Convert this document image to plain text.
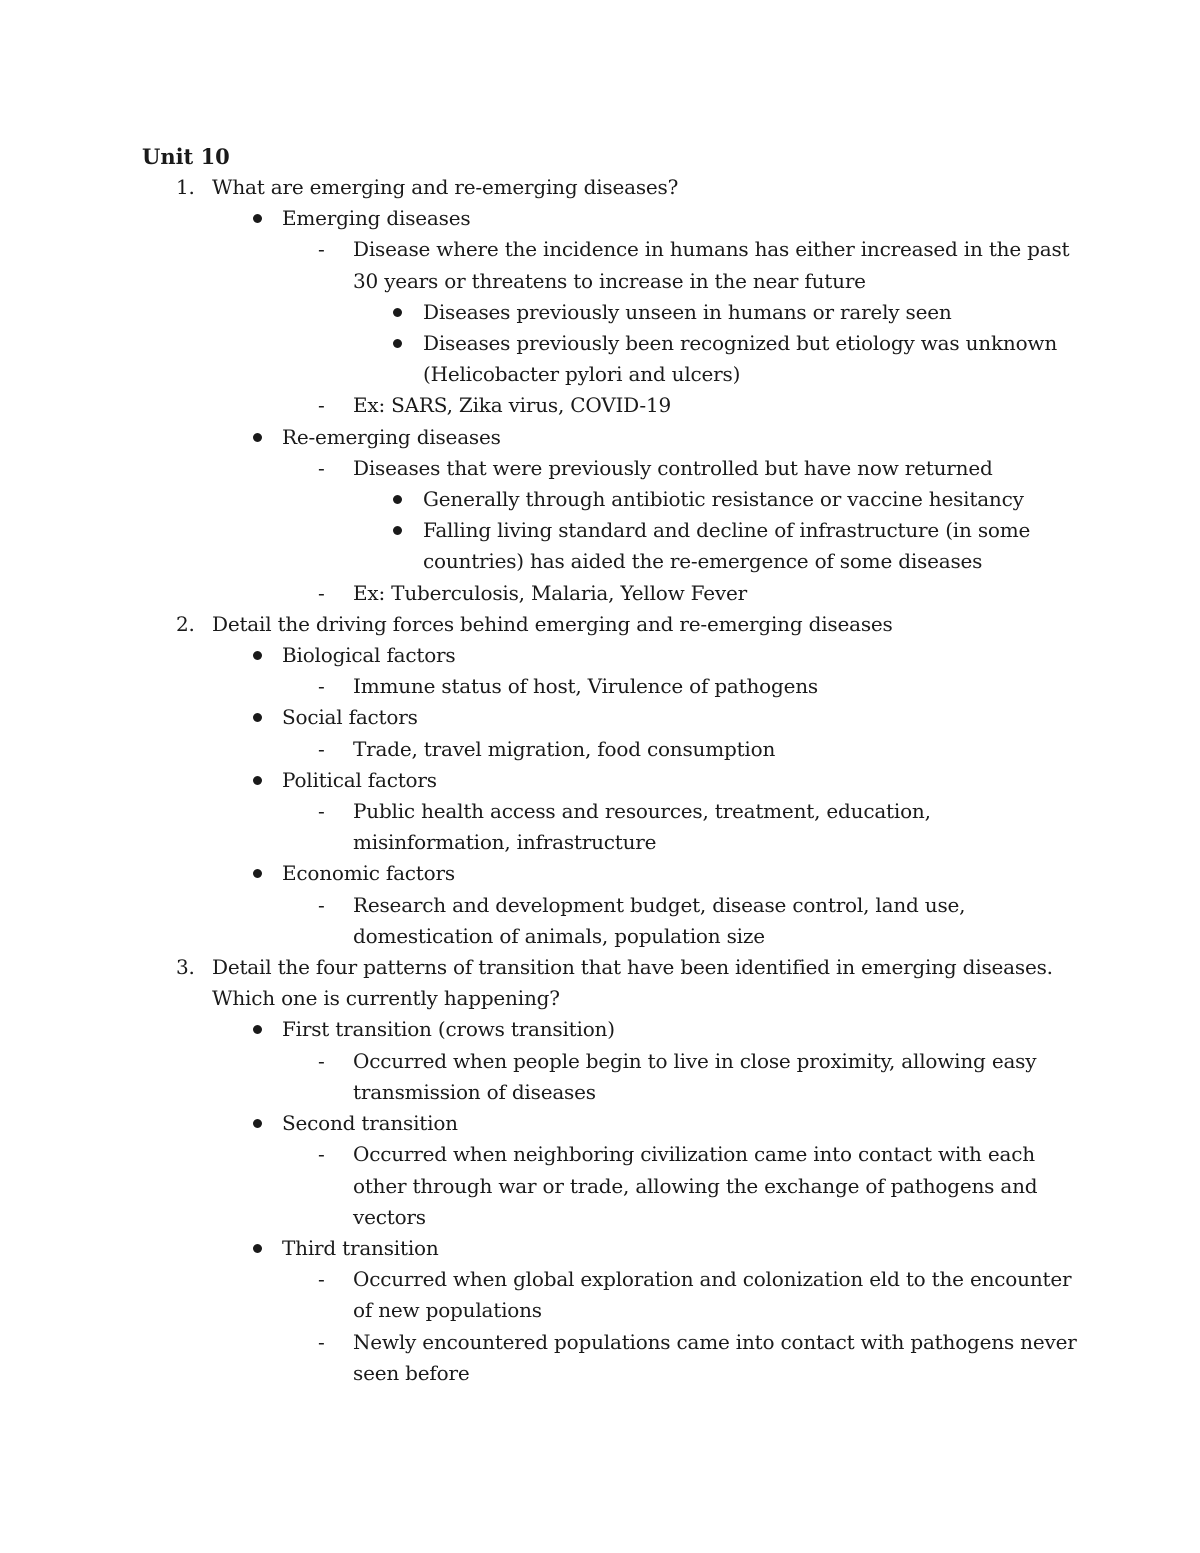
Unit 10
1. What are emerging and re-emerging diseases?
Emerging diseases
- Disease where the incidence in humans has either increased in the past 30 years or threatens to increase in the near future
Diseases previously unseen in humans or rarely seen
Diseases previously been recognized but etiology was unknown (Helicobacter pylori and ulcers)
- Ex: SARS, Zika virus, COVID-19
Re-emerging diseases
- Diseases that were previously controlled but have now returned
Generally through antibiotic resistance or vaccine hesitancy
Falling living standard and decline of infrastructure (in some countries) has aided the re-emergence of some diseases
- Ex: Tuberculosis, Malaria, Yellow Fever
2. Detail the driving forces behind emerging and re-emerging diseases
Biological factors
- Immune status of host, Virulence of pathogens
Social factors
- Trade, travel migration, food consumption
Political factors
- Public health access and resources, treatment, education, misinformation, infrastructure
Economic factors
- Research and development budget, disease control, land use, domestication of animals, population size
3. Detail the four patterns of transition that have been identified in emerging diseases. Which one is currently happening?
First transition (crows transition)
- Occurred when people begin to live in close proximity, allowing easy transmission of diseases
Second transition
- Occurred when neighboring civilization came into contact with each other through war or trade, allowing the exchange of pathogens and vectors
Third transition
- Occurred when global exploration and colonization eld to the encounter of new populations
- Newly encountered populations came into contact with pathogens never seen before
